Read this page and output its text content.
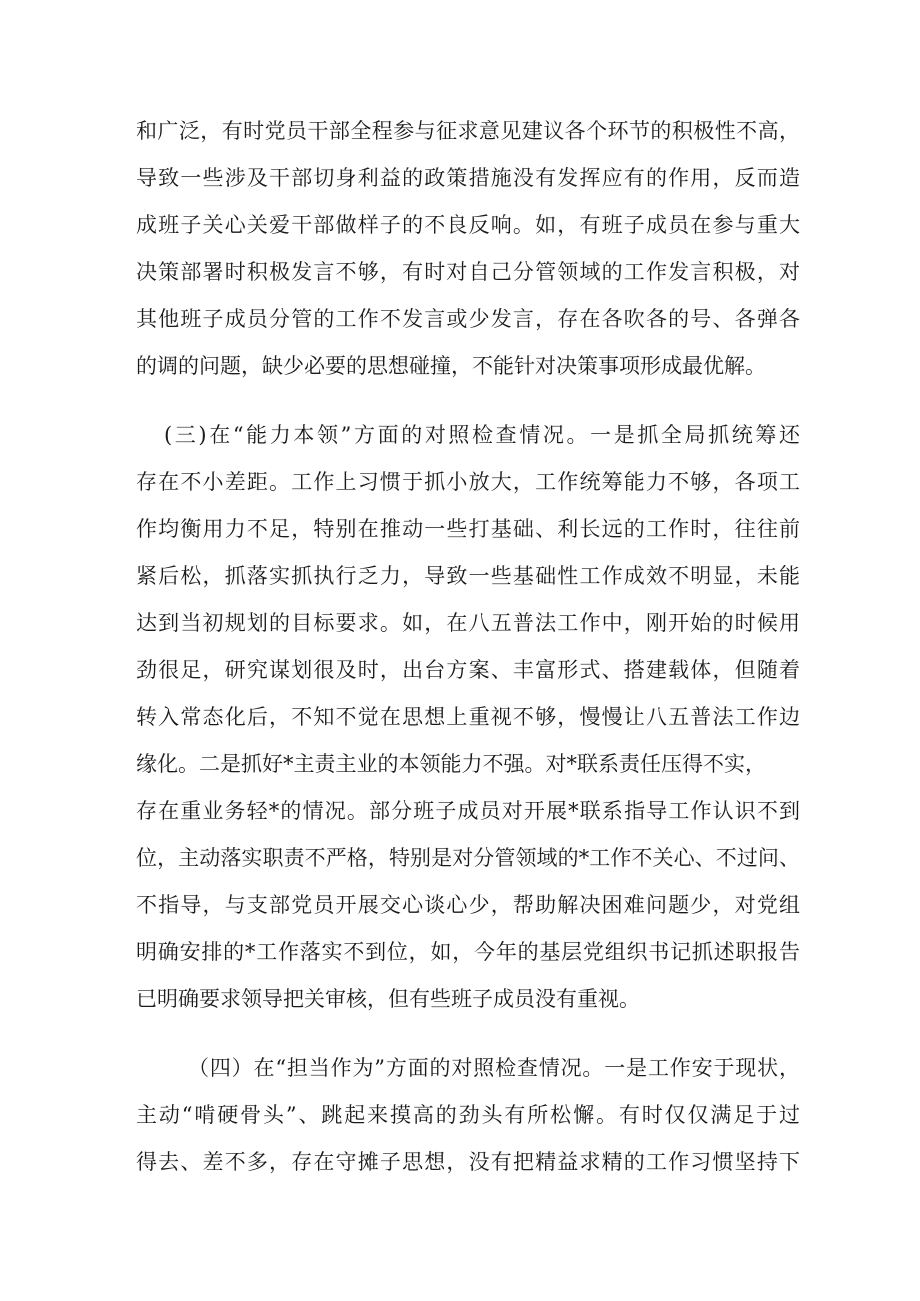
和广泛，有时党员干部全程参与征求意见建议各个环节的积极性不高，
导致一些涉及干部切身利益的政策措施没有发挥应有的作用，反而造
成班子关心关爱干部做样子的不良反响。如，有班子成员在参与重大
决策部署时积极发言不够，有时对自己分管领域的工作发言积极，对
其他班子成员分管的工作不发言或少发言，存在各吹各的号、各弹各
的调的问题，缺少必要的思想碰撞，不能针对决策事项形成最优解。
(三)在“能力本领”方面的对照检查情况。一是抓全局抓统筹还
存在不小差距。工作上习惯于抓小放大，工作统筹能力不够，各项工
作均衡用力不足，特别在推动一些打基础、利长远的工作时，往往前
紧后松，抓落实抓执行乏力，导致一些基础性工作成效不明显，未能
达到当初规划的目标要求。如，在八五普法工作中，刚开始的时候用
劲很足，研究谋划很及时，出台方案、丰富形式、搭建载体，但随着
转入常态化后，不知不觉在思想上重视不够，慢慢让八五普法工作边
缘化。二是抓好*主责主业的本领能力不强。对*联系责任压得不实，
存在重业务轻*的情况。部分班子成员对开展*联系指导工作认识不到
位，主动落实职责不严格，特别是对分管领域的*工作不关心、不过问、
不指导，与支部党员开展交心谈心少，帮助解决困难问题少，对党组
明确安排的*工作落实不到位，如，今年的基层党组织书记抓述职报告
已明确要求领导把关审核，但有些班子成员没有重视。
（四）在“担当作为”方面的对照检查情况。一是工作安于现状，
主动“啃硬骨头”、跳起来摸高的劲头有所松懈。有时仅仅满足于过
得去、差不多，存在守摊子思想，没有把精益求精的工作习惯坚持下
